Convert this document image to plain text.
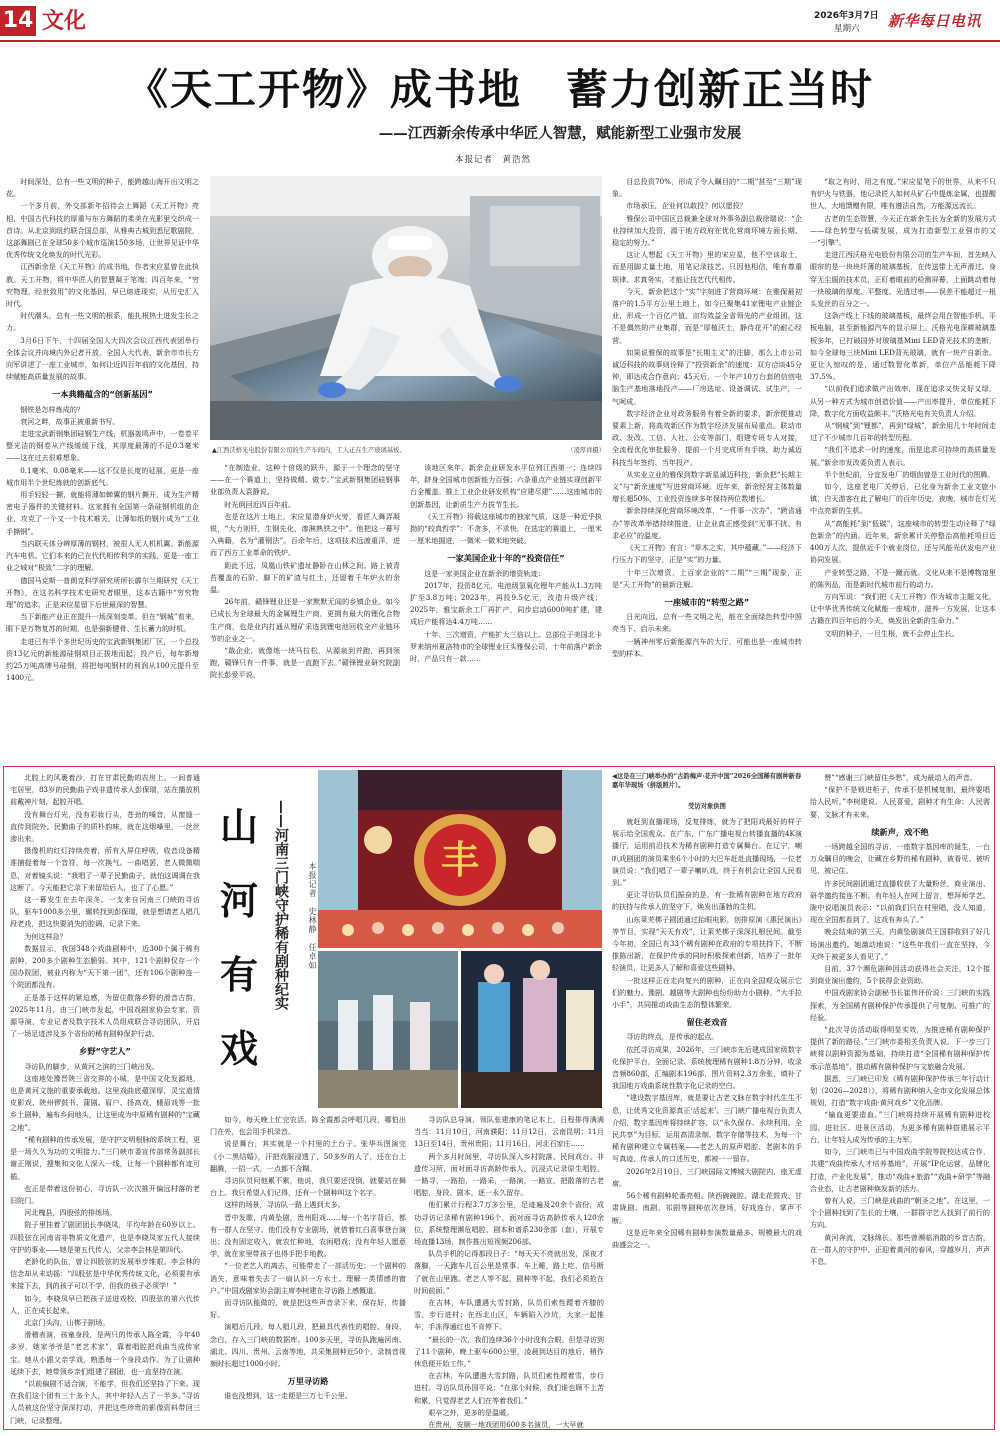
14 文化	2026年3月7日
星期六 新华每日电讯
《天工开物》成书地　蓄力创新正当时
——江西新余传承中华匠人智慧，赋能新型工业强市发展
本报记者　黄浩然

时间深处，总有一些文明的种子，能跨越山海开出文明之花。

一个多月前，外交部新年招待会上舞蹈《天工开物》亮相，中国古代科技的厚重与东方舞蹈的柔美在光影里交织成一首诗。从北京到纽约联合国总部，从雅典古城到悉尼歌剧院，这部舞剧已在全球50多个城市巡演150多场，让世界见证中华优秀传统文化焕发的时代光彩。

江西新余是《天工开物》的成书地，作者宋应星曾在此执教。天工开物，将中华匠人的智慧凝于笔端；四百年来，“穷究物理，经世致用”的文化基因，早已熔进现实，从历史汇入时代。

时代潮头，总有一些文明的根系，能扎根热土进发生长之力。

3月6日下午，十四届全国人大四次会议江西代表团举行全体会议并向境内外记者开放。全国人大代表、新余市市长方向军讲述了一座工业城市，如何让近四百年前的文化基因，持续赋能高质量发展的故事。

一本典籍蕴含的“创新基因”

钢铁是怎样炼成的？

衰河之畔，故事正被重新书写。

走进宝武新钢集团硅钢生产线，机器轰鸣声中，一卷卷平整光洁的钢卷从产线缓缓下线，其厚度最薄的不足0.3毫米——这在过去很难想象。

0.1毫米、0.08毫米——这不仅是长度的延展，更是一座城市用半个世纪炼就的创新底气。

用手轻轻一撕，就能将薄如蝉翼的钢片撕开，成为生产精密电子器件的关键材料。这家拥有全国第一条硅钢机组的企业，攻克了一个又一个技术难关，让薄如纸的钢片成为“工业手撕钢”。

当内联天体分辨厚薄的钢材，被很人无人机机翼、新能源汽车电机、它们本来的已在代代相传利学的实践，更是一座工业之城对“极致”二字的理解。

德国马克斯一普朗克科学研究所所长霹尔兰期研究《天工开物》，在这名科学技术史研究者眼里，这本古籍中“穷究物理”的追求，正是宋应星留下后世最深的智慧。

当下新能产业正在提升一场深刻变革。但在“钢城”看来，眼下是万物复苏的时期，也是强新健骨、生长蓄力的时机。

走进已有半个多世纪历史的宝武新钢集团厂区，一个总投资13亿元的新能源硅钢项目正拔地而起，投产后，每年新增约25万吨高牌号硅钢，将把每吨钢材的利润从100元提升至1400元。

▲江西沃格光电股份有限公司的生产车间内，工人正在生产玻璃基板。	（凌厚祥摄）

“在制造业，这种十倍级的跃升，源于一个理念的坚守——在一个赛道上，坚持做精、做专。”宝武新钢集团硅钢事业部负责人袁静说。

时光倒回近四百年前。

也是在这片土地上，宋应星潜身炉火旁，看匠人舞弄凝锐，“大力则钎，生钢先化，渗淋熟铁之中”。他把这一幕写入典籍，名为“灌钢法”。百余年后，这项技术远渡重洋，进而了西方工业革命的铁炉。

距此不远，凤凰山铁矿遗址静卧在山林之间。路上被青苔覆盖的石阶，脚下的矿渣与红土，还留着千年炉火的余温。

26年前，赣锋锂业还是一家默默无闻的乡镇企业。如今已成长为全球最大的金属锂生产商，更拥有最大的锂化合物生产商，也是业内打通从锂矿采选到锂电池回收全产业链环节的企业之一。

“敢企业，就像炼一块马拉松，从源泉到并跑，再到领跑，赣锋只有一件事，就是一直跑下去。”赣锋锂业研究院副院长彭爱平说。

该地区来年，新余企业研发水平位列江西第一；连续四年，跻身全国城市创新能力百强；六条重点产业链实现创新平台全覆盖。推上工业企业研发机构“应建尽建”……这座城市的创新基因，让新质生产力拔节生长。

《天工开物》将载这座城市的独家气质，这是一种近乎执拗的“较真哲学”：不贪多，不求快，在选定的赛道上，一厘米一厘米地掘进，一微米一微米地突破。

一家美国企业十年的“投资信任”

这是一家美国企业在新余的增资轨迹：

2017年，投资8亿元，电池级氢氧化锂年产能从1.3万吨扩至3.8万吨；2023年，再投9.5亿元，改造升级产线；2025年，雅宝新余工厂再扩产，同步启动6000吨扩建，建成后产能将达4.4万吨……

十年、三次增资，产能扩大三倍以上。总部位于美国北卡罗来纳州夏洛特市的全球锂业巨头雅保公司，十年前落户新余时，产品只有一款……

目总投资70%，形成了令人瞩目的“二期”甚至“三期”现象。

市场承压，企业何以敢投？何以愿投？

雅保公司中国区总裁兼全球对外事务副总裁徐瑞说：“企业持续加大投资，源于地方政府在优化营商环境方面长期、稳定的努力。”

这让人想起《天工开物》里的宋应星，他不空谈取士，而是用脚丈量土地，用笔记录技艺。只因他相信，唯有尊重规律、求真务实，才能让技艺代代相传。

今天，新余把这个“实”字刻进了营商环境：在雅保最初落户的1.5平方公里土地上，如今已聚集41家锂电产业链企业，形成一个百亿产值、亩均效益全省领先的产业组团。这不是偶然的产业集群，而是“厚植沃土，静待花开”的耐心经营。

如果说雅保的故事是“长期主义”的注脚，那么上市公司诚迈科技的故事则诠释了“投资新余”的速度：双方洽谈45分钟，即达成合作意向；45天后，一个年产10万台套的信创电脑生产基地落地投产——厂房选址、设备调试、试生产，一气呵成。

数字经济企业对政务服务有着全新的要求，新余便推动要素上新，将高效新区作为数字经济发展布局重点。联动市政、发改、工信、人社、公安等部门，组建专班专人对接，全流程优化审批服务，提前一个月完成所有手续，助力诚迈科技当年签约、当年投产。

从实业立业的雅保到数字新星诚迈科技，新余把“长期主义”与“新余速度”写进营商环境。近年来，新余经营主体数量增长超50%，工业投资连续多年保持两位数增长。

新余持续深化营商环境改革，“一件事一次办”、“跨省通办”等改革举措持续推进，让企业真正感受到“无事不扰、有求必应”的温度。

《天工开物》有言：“草木之实，其中蕴藏。”——经济下行压力下的坚守，正是“实”的力量。

十年三次增资，上百家企业的“二期”“三期”现象，正是“天工开物”的最新注解。

一座城市的“转型之路”

日光向远，总有一些文明之光，能在全面绿色转型中照亮当下、启示未来。

一辆神州零后新能源汽车的大厅，可能也是一座城市转型的样本。

“取之有时，用之有度。”宋应星笔下的世界，从来不只有炉火与铁器，他记录匠人如何从矿石中提炼金属，也提醒世人，大地馈赠有限，唯有遵法自然，方能源远流长。

古老的生态智慧，今天正在新余生长为全新的发展方式——绿色转型与低碳发展，成为打造新型工业强市的又一“引擎”。

走进江西沃格光电股份有限公司的生产车间，首先映入眼帘的是一块块纤薄的玻璃基板，在传送带上无声滑过。身穿无尘服的技术员，正盯着眼前的检测屏幕，上面跳动着每一块玻璃的厚度、平整度、光透过率——误差不能超过一根头发丝的百分之一。

这条产线上下线的玻璃基板，最终会用在智能手机、平板电脑，甚至新能源汽车的显示屏上。沃格光电深耕玻璃基板多年，已打破国外对玻璃基Mini LED背光技术的垄断，如今全球每三块Mini LED背光玻璃，就有一块产自新余。更让人惊叹的是，通过数智化革新，单位产品能耗下降37.5%。

“以前我们追求做产出效率，现在追求又快又好又绿，从另一种方式为城市创造价值——产出率提升，单位能耗下降，数字化方面收益颇丰。”沃格光电有关负责人介绍。

从“钢城”到“锂都”，再到“绿城”，新余用几十年时间走过了不少城市几百年的转型历程。

“我们不追求一时的速度，而是追求可持续的高质量发展。”新余市发改委负责人表示。

半个世纪前，分宜发电厂的烟囱曾是工业时代的图腾。

如今，这座老电厂关停后，已化身为新余工业文旅小镇，白天游客在此了解电厂的百年历史，夜晚，城市在灯光中点亮新的生机。

从“高能耗”到“低碳”，这座城市的转型生动诠释了“绿色新余”的内涵。近年来，新余累计关停整治高能耗项目近400万人次，提供近千个就业岗位，还与风能光伏发电产业协同发展。

产业转型之路，不是一蹴而就。文化从来不是博物馆里的陈列品，而是新时代城市前行的动力。

方向军说：“我们把《天工开物》作为城市主题文化，让中华优秀传统文化赋能一座城市，滋养一方发展，让这本古籍在四百年后的今天，焕发出全新的生命力。”

文明的种子，一旦生根，就不会停止生长。

北腔上的风裹着沙，打在甘肃民勤的农房上。一间普通宅居里，83岁的民勤曲子戏非遗传承人彭保瑞，站在播放机前戴神片刻，起腔开唱。

没有舞台灯光，没有彩妆行头，苍劲的嗓音，从窗缝一直传到院外。民勤曲子的质朴韵味，就在这烟嗓里，一丝丝渗出来。

摄像机的红灯持续亮着，所有人屏住呼吸，收音设备精准捕捉着每一个音符，每一次换气。一曲唱罢，老人微微喘息，对着镜头说：“我唱了一辈子民勤曲子，就怕这调调在我这断了。今天能把它录下来留给后人，也了了心愿。”

这一幕发生在去年深冬。一支来自河南三门峡的寻访队，驱车1000多公里，辗转找到彭保瑞，就是想请老人唱几段老戏，把这快要消失的腔调，记录下来。

为何这样急？

数据显示，我国348个戏曲剧种中，近300个属于稀有剧种，200多个剧种生态脆弱。其中，121个剧种仅存一个国办院团，被业内称为“天下第一团”，还有106个剧种连一个院团都没有。

正是基于这样的紧迫感，为留住散落乡野的滑音古韵，2025年11月，由三门峡市发起，中国戏剧家协会专家，资源导演，专业记者及数字技术人员组成联合寻访团队，开启了一场足迹涉及多个省份的稀有剧种保护行动。

乡野“守艺人”

寻访队的脚步，从黄河之滨的三门峡出发。

这座地处豫晋陕三省交界的小城，是中国文化发源地，也是黄河文旅的重要承载地。这里戏曲底蕴深厚，灵宝道情皮影戏、陕州锣鼓书、蒲剧、眉户、扬高戏、蛾眉戏等一批乡土剧种，遍布乡间地头，让这里成为中原稀有剧种的“宝藏之地”。

“稀有剧种的传承发展，是守护文明根脉的系统工程，更是一场久久为功的文明接力。”三门峡市委宣传部常务副部长谢正刚说，搜集和文化人深入一线，让每一个剧种都有迹可循。

也正是带着这份初心，寻访队一次次推开偏远村落的老旧院门。

河北槐县，四股弦的排练场。

院子里挂着了剧团团长李晓凤，平均年龄在60岁以上。四股弦在河南省非物质文化遗产，也是李晓凤家五代人接续守护的事业——她是第五代传人，父亲李会林是第四代。

老龄化的队伍，曾让四股弦的发展举步维艰。李会林的信念却从未动摇：“四股弦是中华优秀传统文化，必须要有承来接下去，到的孩子可以不学，但我的孩子必须学！”

如今，李晓凤早已把孩子送进戏校，四股弦的第六代传人，正在成长起来。

北京门头沟，山梆子剧场。

滑稽表演，孩童身段，是两只的传承人陈全霞，今年40多岁，她家爷爷是“老艺术家”，靠着唱腔把戏曲当成传家宝。她从小跟父亲学戏，熟悉每一个身段动作。为了让剧种延续下去，她带领乡亲们组建了剧团，也一直坚持在演。

“以前偏剧不适合演，不能学，但我们还坚持了下来。现在我们这个团有三十多个人，其中年轻人占了一半多。”寻访人员被这份坚守深深打动，并把这些珍贵的影像资料带回三门峡，记录整理。

山
河
有
戏
——河南三门峡守护稀有剧种纪实	本报记者　史林静　任卓如
丰

如今，每天晚上忙完农活，陈全霞都会呼唱几段，哪怕出门在外，也会用手机录音。

说是舞台，其实就是一个村里的土台子。张华兵图演完《小二黑结婚》，汗把戏服浸透了，50多岁的人了，还在台上翻腾，一招一式，一点都不含糊。

寻访队员问他累不累，他说，我只要还没倒，就要站在舞台上。我只希望人们记得，还有一个剧种叫这个名字。

这样的场景，寻访队一路上遇到太多。

晋中发歌，内黄坠剧，贵州阳戏……每一个名字背后，都有一群人在坚守。他们没有专业剧场，就借着红白喜事登台演出；没有固定收入，就农忙种地，农闲唱戏；没有年轻人愿意学，就在家里带孩子也得手把手地教。

“一位老艺人的离去，可能带走了一部活历史；一个剧种的消失，意味着失去了一扇认识一方水土、理解一类情感的窗户。”中国戏剧家协会副主席李树建在寻访路上感慨道。

而寻访队能做的，就是把这些声音录下来，保存好，传播好。

演唱后几段，每人唱几段，把最具代表性的唱腔、身段、念白，存入三门峡的数据库。100多天里，寻访队跑遍河南、湖北、四川、贵州、云南等地，共采集剧种近50个，录制音视频时长超过1000小时。

万里寻访路

谁也没想到，这一走便是三万七千公里。

寻访队总导演，领队张建康的笔记本上，日程排得满满当当：11月10日，河南濮阳；11月12日，云南昆明；11月13日至14日，贵州贵阳；11月16日，河北石家庄……

两个多月时间里，寻访队深入乡村院落、民间戏台、非遗传习所，面对面寻访高龄传承人，沉浸式记录原生唱腔。一路寻，一路拍，一路采，一路演，一路宣，把散落的古老唱腔，身段、剧本，逐一永久留存。

他们累计行程3.7万多公里，足迹遍及20余个省份，成功寻访记录稀有剧种196个，面对面寻访高龄传承人120余位，系统整理濒危唱腔、剧本和谱系230余部（套），开展专场直播13场，制作推出短视频206部。

队员手机的记得那段日子：“每天天不亮就出发，深夜才落脚，一天跑车几百公里是常事。车上睡，路上吃，信号断了就在山里跑。老艺人等不起，剧种等不起，我们必须抢在时间前面。”

在吉林，车队遭遇大雪封路，队员们索性蹚着齐膝的雪，步行进村；在西北山区，车辆陷入沙坑，大家一起推车，手冻得通红也不肯停下。

“最长的一次，我们连续36个小时没有合眼。但是寻访到了11个剧种，晚上驱车600公里，凌晨到达目的地后，稍作休息便开始工作。”

在吉林，车队遭遇大雪封路，队员们索性蹚着雪，步行进村。寻访队员孙国平说：“在那个时候，我们谁也顾不上苦和累，只觉得老艺人们在等着我们。”

艰辛之外，更多的是温暖。

在贵州，安顺一地戏团用600多名演员，一大早就

◀这是在三门峡举办的“古韵梅声·花开中国”2026全国稀有剧种新春嘉年华现场（拼版照片）。
受访对象供图

就赶到直播现场，反复排练，就为了把阳戏最好的样子展示给全国观众。在广东，广东广播电视台转播直播的4K演播厅，运用前沿技术为稀有剧种打造专属舞台。在辽宁，喇叭戏剧团的演员乘坐6个小时的大巴车赶赴直播现场，一位老演员说：“我们唱了一辈子喇叭戏，终于有机会让全国人民看到。”

更让寻访队员们振奋的是，有一批稀有剧种在地方政府的扶持与传承人的坚守下，焕发出蓬勃的生机。

山东莱芜梆子剧团通过抬眼电影，创排原演《惠民演出》等节目，实现“天天有戏”，让莱芜梆子深深扎根民间。截至今年初，全国已有33个稀有剧种在政府的专项扶持下，不断推陈出新，在保护传承的同时积极探索创新，培养了一批年轻演员，让更多人了解和喜爱这些剧种。

一批这样正在走向复兴的剧种，正在向全国观众展示它们的魅力。豫剧、越剧等大剧种也纷纷助力小剧种，“大手拉小手”，共同推动戏曲生态的整体繁荣。

留住老戏音

寻访的终点，是传承的起点。

依托寻访成果，2026年，三门峡市先后建成国家级数字化保护平台，全面记录、系统梳理稀有剧种1.8万分钟，收录音频860部，汇编剧本196部，图片资料2.3万余张，填补了我国地方戏曲系统性数字化记录的空白。

“建设数字基因库，就是要让古老文脉在数字时代生生不息，让优秀文化资源真正‘活起来’。三门峡广播电视台负责人介绍，数字基因库将持续扩容，以“永久保存、永续利用、全民共享”为目标，运用高清录制、数字存储等技术，为每一个稀有剧种建立专属档案——老艺人的原声唱腔、老剧本的手写真迹、传承人的口述历史，都被一一留存。

2026年2月10日，三门峡国际文博城大剧院内，座无虚席。

56个稀有剧种轮番亮相。陕西碗碗腔、湖北花鼓戏、甘肃陇剧、南剧、祁剧等剧种依次登场，好戏连台，掌声不断。

这是近年来全国稀有剧种参演数量最多、规模最大的戏曲盛会之一。

赞”“感谢三门峡留住乡愁”，成为最动人的声音。

“保护不是锁进柜子，传承不是机械复制，最终要唱给人民听。”李树建说，人民喜爱，剧种才有生命；人民需要，文脉才有未来。

续新声，戏不绝

一场跨越全国的寻访，一座数字基因库的诞生，一台万众瞩目的晚会，让藏在乡野的稀有剧种，被看见、被听见、被记住。

许多民间剧团通过直播收获了大量粉丝，商业演出、研学邀约接连不断。有年轻人在网上留言，想拜师学艺。陇中说唱演员表示：“以前我们只在村里唱，没人知道，现在全国都看到了，这戏有奔头了。”

晚会结束的第三天，内黄坠剧演员王国群收到了好几场演出邀约。她激动地说：“这些年我们一直在坚持，今天终于被更多人看见了。”

目前，37个濒危剧种因活动获得社会关注，12个接到商业演出邀约，5个获得企业资助。

中国戏剧家协会副秘书长崔伟评价说：三门峡的实践探索，为全国稀有剧种保护传承提供了可复制、可推广的经验。

“此次寻访活动取得明显实效，为推进稀有剧种保护提供了新的路径。”三门峡市委相关负责人说，下一步三门峡将以剧种资源为基础，持续打造“全国稀有剧种保护传承示范基地”，推动稀有剧种保护与文旅融合发展。

据悉，三门峡已印发《稀有剧种保护传承三年行动计划（2026—2028）》，将稀有剧种纳入全市文化发展总体规划，打造“数字戏曲·黄河戏乡”文化品牌。

“输血更要造血。”三门峡将持续开展稀有剧种进校园、进社区、进景区活动，为更多稀有剧种搭建展示平台，让年轻人成为传承的主力军。

如今，三门峡市已与中国戏曲学院等院校达成合作，共建“戏曲传承人才培养基地”，开展“IP化运营，品牌化打造，产业化发展”，推动“戏曲+旅游”“戏曲+研学”等融合业态，让古老剧种焕发新的活力。

曾有人说，三门峡是戏曲的“朝圣之地”。在这里，一个个剧种找到了生长的土壤，一群群守艺人找到了前行的方向。

黄河奔流，文脉绵长。那些曾濒临消散的乡音古韵，在一群人的守护中，正迎着黄河的春风，穿越岁月，声声不息。
